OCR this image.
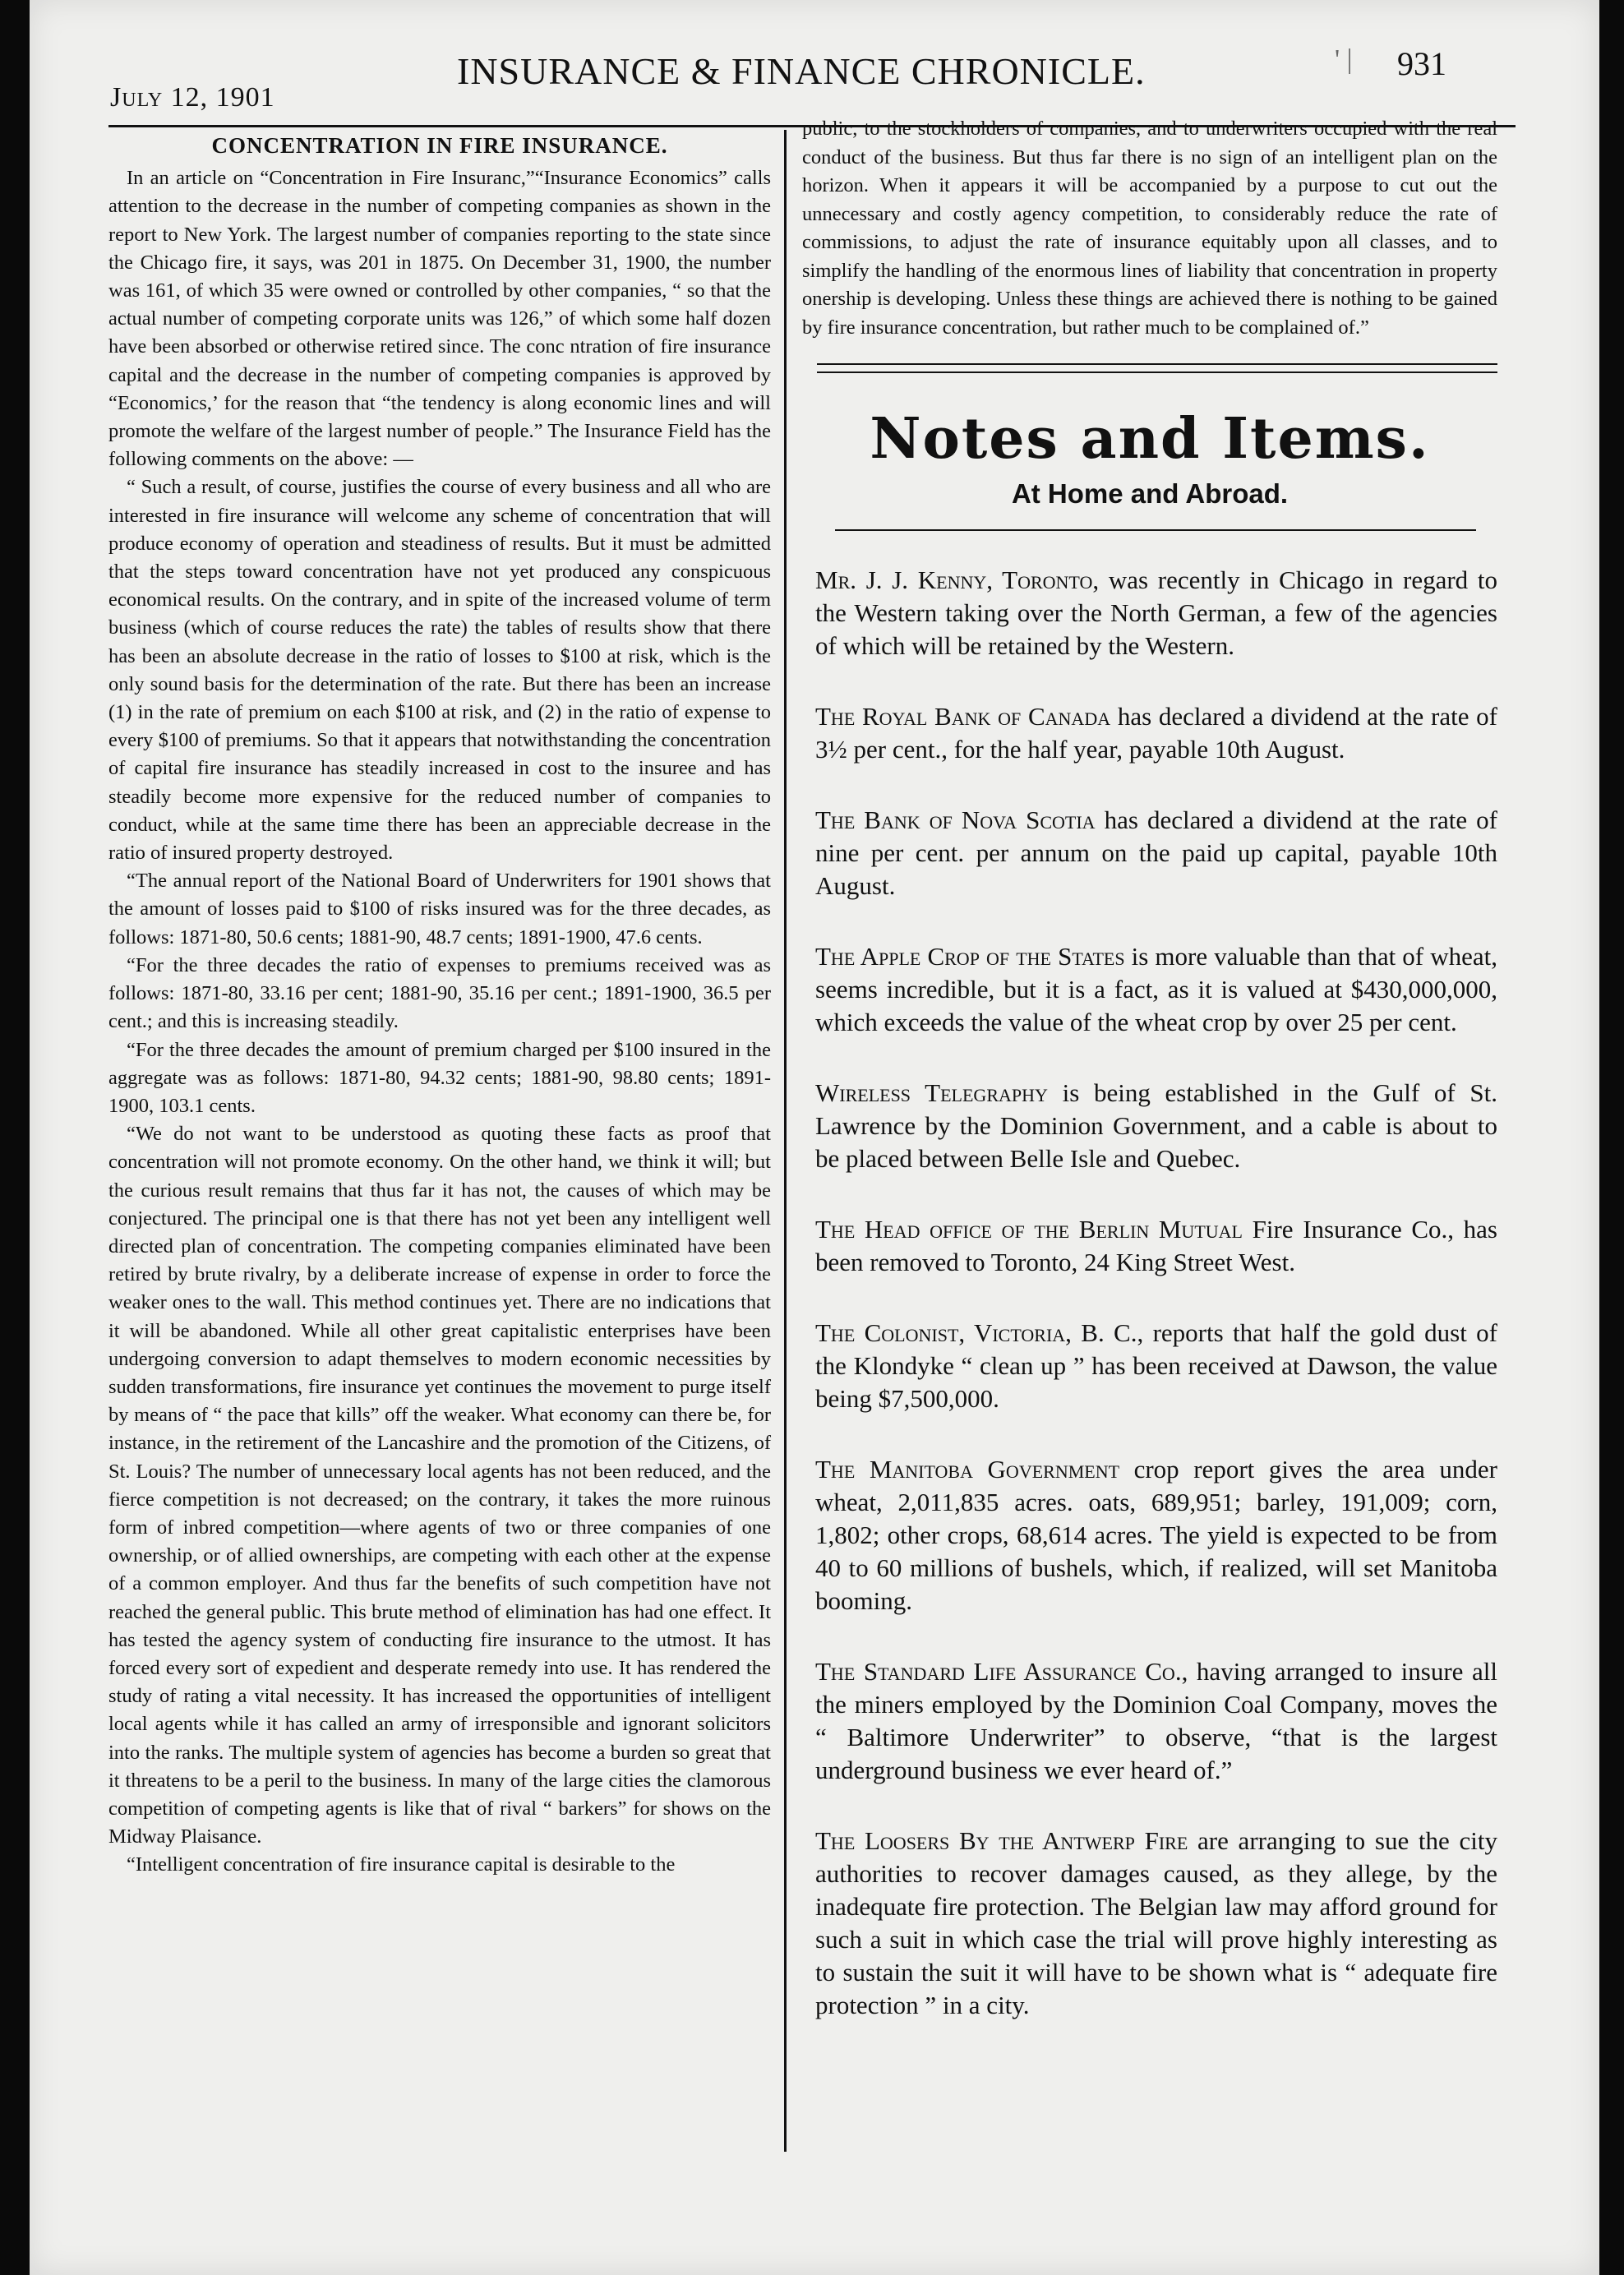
July 12, 1901
INSURANCE & FINANCE CHRONICLE.	' | 931
CONCENTRATION IN FIRE INSURANCE.

In an article on “Concentration in Fire Insuranc,”“Insurance Economics” calls attention to the decrease in the number of competing companies as shown in the report to New York. The largest number of companies reporting to the state since the Chicago fire, it says, was 201 in 1875. On December 31, 1900, the number was 161, of which 35 were owned or controlled by other companies, “ so that the actual number of competing corporate units was 126,” of which some half dozen have been absorbed or otherwise retired since. The conc ntration of fire insurance capital and the decrease in the number of competing companies is approved by “Economics,’ for the reason that “the tendency is along economic lines and will promote the welfare of the largest number of people.” The Insurance Field has the following comments on the above: —

“ Such a result, of course, justifies the course of every business and all who are interested in fire insurance will welcome any scheme of concentration that will produce economy of operation and steadiness of results. But it must be admitted that the steps toward concentration have not yet produced any conspicuous economical results. On the contrary, and in spite of the increased volume of term business (which of course reduces the rate) the tables of results show that there has been an absolute decrease in the ratio of losses to $100 at risk, which is the only sound basis for the determination of the rate. But there has been an increase (1) in the rate of premium on each $100 at risk, and (2) in the ratio of expense to every $100 of premiums. So that it appears that notwithstanding the concentration of capital fire insurance has steadily increased in cost to the insuree and has steadily become more expensive for the reduced number of companies to conduct, while at the same time there has been an appreciable decrease in the ratio of insured property destroyed.

“The annual report of the National Board of Underwriters for 1901 shows that the amount of losses paid to $100 of risks insured was for the three decades, as follows: 1871-80, 50.6 cents; 1881-90, 48.7 cents; 1891-1900, 47.6 cents.

“For the three decades the ratio of expenses to premiums received was as follows: 1871-80, 33.16 per cent; 1881-90, 35.16 per cent.; 1891-1900, 36.5 per cent.; and this is increasing steadily.

“For the three decades the amount of premium charged per $100 insured in the aggregate was as follows: 1871-80, 94.32 cents; 1881-90, 98.80 cents; 1891-1900, 103.1 cents.

“We do not want to be understood as quoting these facts as proof that concentration will not promote economy. On the other hand, we think it will; but the curious result remains that thus far it has not, the causes of which may be conjectured. The principal one is that there has not yet been any intelligent well directed plan of concentration. The competing companies eliminated have been retired by brute rivalry, by a deliberate increase of expense in order to force the weaker ones to the wall. This method continues yet. There are no indications that it will be abandoned. While all other great capitalistic enterprises have been undergoing conversion to adapt themselves to modern economic necessities by sudden transformations, fire insurance yet continues the movement to purge itself by means of “ the pace that kills” off the weaker. What economy can there be, for instance, in the retirement of the Lancashire and the promotion of the Citizens, of St. Louis? The number of unnecessary local agents has not been reduced, and the fierce competition is not decreased; on the contrary, it takes the more ruinous form of inbred competition—where agents of two or three companies of one ownership, or of allied ownerships, are competing with each other at the expense of a common employer. And thus far the benefits of such competition have not reached the general public. This brute method of elimination has had one effect. It has tested the agency system of conducting fire insurance to the utmost. It has forced every sort of expedient and desperate remedy into use. It has rendered the study of rating a vital necessity. It has increased the opportunities of intelligent local agents while it has called an army of irresponsible and ignorant solicitors into the ranks. The multiple system of agencies has become a burden so great that it threatens to be a peril to the business. In many of the large cities the clamorous competition of competing agents is like that of rival “ barkers” for shows on the Midway Plaisance.

“Intelligent concentration of fire insurance capital is desirable to the

public, to the stockholders of companies, and to underwriters occupied with the real conduct of the business. But thus far there is no sign of an intelligent plan on the horizon. When it appears it will be accompanied by a purpose to cut out the unnecessary and costly agency competition, to considerably reduce the rate of commissions, to adjust the rate of insurance equitably upon all classes, and to simplify the handling of the enormous lines of liability that concentration in property onership is developing. Unless these things are achieved there is nothing to be gained by fire insurance concentration, but rather much to be complained of.”

Notes and Items.
At Home and Abroad.

Mr. J. J. Kenny, Toronto, was recently in Chicago in regard to the Western taking over the North German, a few of the agencies of which will be retained by the Western.

The Royal Bank of Canada has declared a dividend at the rate of 3½ per cent., for the half year, payable 10th August.

The Bank of Nova Scotia has declared a dividend at the rate of nine per cent. per annum on the paid up capital, payable 10th August.

The Apple Crop of the States is more valuable than that of wheat, seems incredible, but it is a fact, as it is valued at $430,000,000, which exceeds the value of the wheat crop by over 25 per cent.

Wireless Telegraphy is being established in the Gulf of St. Lawrence by the Dominion Government, and a cable is about to be placed between Belle Isle and Quebec.

The Head office of the Berlin Mutual Fire Insurance Co., has been removed to Toronto, 24 King Street West.

The Colonist, Victoria, B. C., reports that half the gold dust of the Klondyke “ clean up ” has been received at Dawson, the value being $7,500,000.

The Manitoba Government crop report gives the area under wheat, 2,011,835 acres. oats, 689,951; barley, 191,009; corn, 1,802; other crops, 68,614 acres. The yield is expected to be from 40 to 60 millions of bushels, which, if realized, will set Manitoba booming.

The Standard Life Assurance Co., having arranged to insure all the miners employed by the Dominion Coal Company, moves the “ Baltimore Underwriter” to observe, “that is the largest underground business we ever heard of.”

The Loosers By the Antwerp Fire are arranging to sue the city authorities to recover damages caused, as they allege, by the inadequate fire protection. The Belgian law may afford ground for such a suit in which case the trial will prove highly interesting as to sustain the suit it will have to be shown what is “ adequate fire protection ” in a city.
